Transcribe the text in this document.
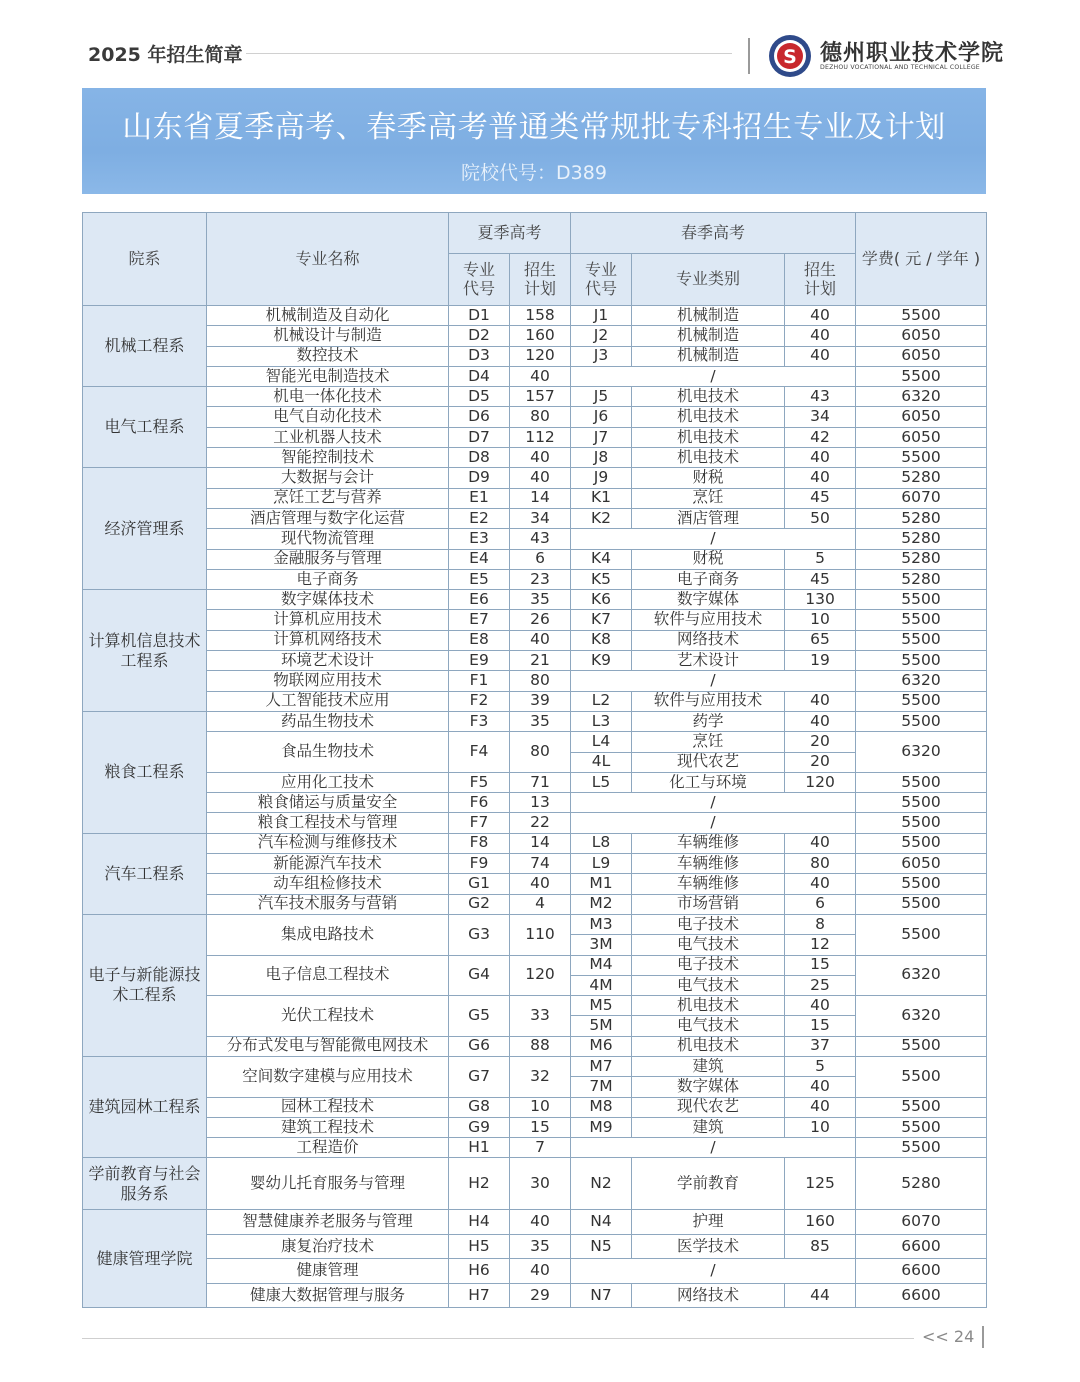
2025 年招生简章	S 德州职业技术学院
DEZHOU VOCATIONAL AND TECHNICAL COLLEGE
山东省夏季高考、春季高考普通类常规批专科招生专业及计划
院校代号：D389
院系	专业名称	夏季高考		春季高考			学费( 元 / 学年 )
		专业代号	招生计划	专业代号	专业类别	招生计划	
机械工程系	机械制造及自动化	D1	158	J1	机械制造	40	5500
	机械设计与制造	D2	160	J2	机械制造	40	6050
	数控技术	D3	120	J3	机械制造	40	6050
	智能光电制造技术	D4	40	/			5500
电气工程系	机电一体化技术	D5	157	J5	机电技术	43	6320
	电气自动化技术	D6	80	J6	机电技术	34	6050
	工业机器人技术	D7	112	J7	机电技术	42	6050
	智能控制技术	D8	40	J8	机电技术	40	5500
经济管理系	大数据与会计	D9	40	J9	财税	40	5280
	烹饪工艺与营养	E1	14	K1	烹饪	45	6070
	酒店管理与数字化运营	E2	34	K2	酒店管理	50	5280
	现代物流管理	E3	43	/			5280
	金融服务与管理	E4	6	K4	财税	5	5280
	电子商务	E5	23	K5	电子商务	45	5280
计算机信息技术工程系	数字媒体技术	E6	35	K6	数字媒体	130	5500
	计算机应用技术	E7	26	K7	软件与应用技术	10	5500
	计算机网络技术	E8	40	K8	网络技术	65	5500
	环境艺术设计	E9	21	K9	艺术设计	19	5500
	物联网应用技术	F1	80	/			6320
	人工智能技术应用	F2	39	L2	软件与应用技术	40	5500
粮食工程系	药品生物技术	F3	35	L3	药学	40	5500
	食品生物技术	F4	80	L4	烹饪	20	6320
				4L	现代农艺	20	
	应用化工技术	F5	71	L5	化工与环境	120	5500
	粮食储运与质量安全	F6	13	/			5500
	粮食工程技术与管理	F7	22	/			5500
汽车工程系	汽车检测与维修技术	F8	14	L8	车辆维修	40	5500
	新能源汽车技术	F9	74	L9	车辆维修	80	6050
	动车组检修技术	G1	40	M1	车辆维修	40	5500
	汽车技术服务与营销	G2	4	M2	市场营销	6	5500
电子与新能源技术工程系	集成电路技术	G3	110	M3	电子技术	8	5500
				3M	电气技术	12	
	电子信息工程技术	G4	120	M4	电子技术	15	6320
				4M	电气技术	25	
	光伏工程技术	G5	33	M5	机电技术	40	6320
				5M	电气技术	15	
	分布式发电与智能微电网技术	G6	88	M6	机电技术	37	5500
建筑园林工程系	空间数字建模与应用技术	G7	32	M7	建筑	5	5500
				7M	数字媒体	40	
	园林工程技术	G8	10	M8	现代农艺	40	5500
	建筑工程技术	G9	15	M9	建筑	10	5500
	工程造价	H1	7	/			5500
学前教育与社会服务系	婴幼儿托育服务与管理	H2	30	N2	学前教育	125	5280
健康管理学院	智慧健康养老服务与管理	H4	40	N4	护理	160	6070
	康复治疗技术	H5	35	N5	医学技术	85	6600
	健康管理	H6	40	/			6600
	健康大数据管理与服务	H7	29	N7	网络技术	44	6600
<< 24
